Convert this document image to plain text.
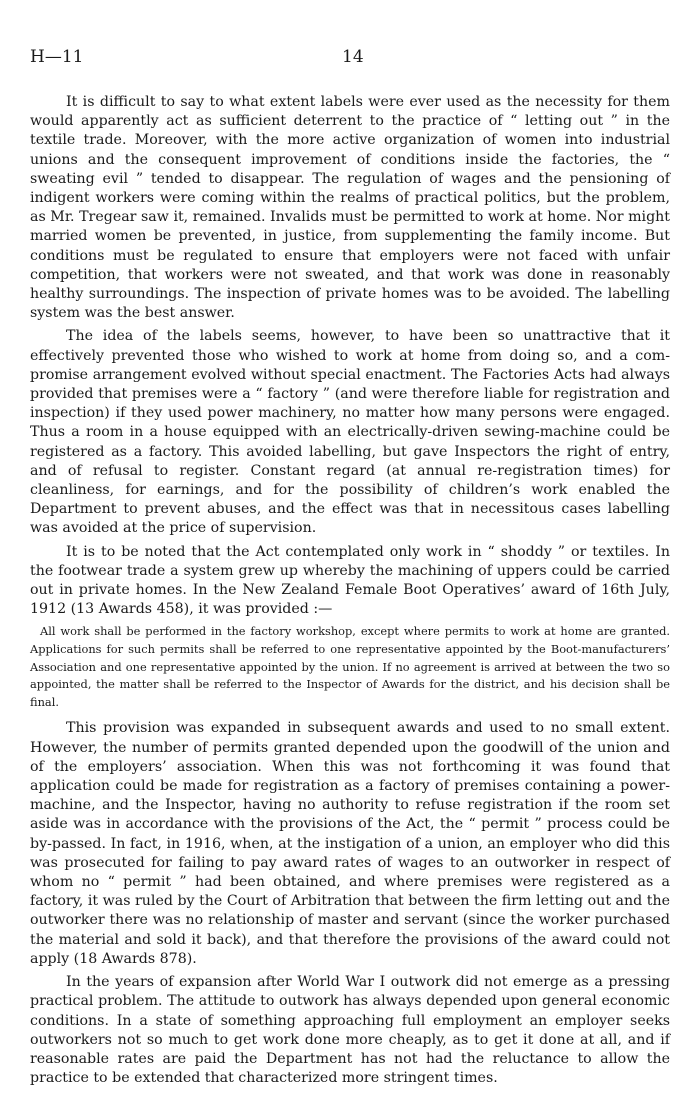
H—11	14

It is difficult to say to what extent labels were ever used as the necessity for them would apparently act as sufficient deterrent to the practice of “ letting out ” in the textile trade. Moreover, with the more active organization of women into industrial unions and the consequent improvement of conditions inside the factories, the “ sweating evil ” tended to disappear. The regulation of wages and the pensioning of indigent workers were coming within the realms of practical politics, but the problem, as Mr. Tregear saw it, remained. Invalids must be permitted to work at home. Nor might married women be prevented, in justice, from supplementing the family income. But conditions must be regulated to ensure that employers were not faced with unfair competition, that workers were not sweated, and that work was done in reasonably healthy surroundings. The inspection of private homes was to be avoided. The labelling system was the best answer.

The idea of the labels seems, however, to have been so unattractive that it effectively prevented those who wished to work at home from doing so, and a com-promise arrangement evolved without special enactment. The Factories Acts had always provided that premises were a “ factory ” (and were therefore liable for registration and inspection) if they used power machinery, no matter how many persons were engaged. Thus a room in a house equipped with an electrically-driven sewing-machine could be registered as a factory. This avoided labelling, but gave Inspectors the right of entry, and of refusal to register. Constant regard (at annual re-registration times) for cleanliness, for earnings, and for the possibility of children’s work enabled the Department to prevent abuses, and the effect was that in necessitous cases labelling was avoided at the price of supervision.

It is to be noted that the Act contemplated only work in “ shoddy ” or textiles. In the footwear trade a system grew up whereby the machining of uppers could be carried out in private homes. In the New Zealand Female Boot Operatives’ award of 16th July, 1912 (13 Awards 458), it was provided :—

All work shall be performed in the factory workshop, except where permits to work at home are granted. Applications for such permits shall be referred to one representative appointed by the Boot-manufacturers’ Association and one representative appointed by the union. If no agreement is arrived at between the two so appointed, the matter shall be referred to the Inspector of Awards for the district, and his decision shall be final.

This provision was expanded in subsequent awards and used to no small extent. However, the number of permits granted depended upon the goodwill of the union and of the employers’ association. When this was not forthcoming it was found that application could be made for registration as a factory of premises containing a power-machine, and the Inspector, having no authority to refuse registration if the room set aside was in accordance with the provisions of the Act, the “ permit ” process could be by-passed. In fact, in 1916, when, at the instigation of a union, an employer who did this was prosecuted for failing to pay award rates of wages to an outworker in respect of whom no “ permit ” had been obtained, and where premises were registered as a factory, it was ruled by the Court of Arbitration that between the firm letting out and the outworker there was no relationship of master and servant (since the worker purchased the material and sold it back), and that therefore the provisions of the award could not apply (18 Awards 878).

In the years of expansion after World War I outwork did not emerge as a pressing practical problem. The attitude to outwork has always depended upon general economic conditions. In a state of something approaching full employment an employer seeks outworkers not so much to get work done more cheaply, as to get it done at all, and if reasonable rates are paid the Department has not had the reluctance to allow the practice to be extended that characterized more stringent times.
